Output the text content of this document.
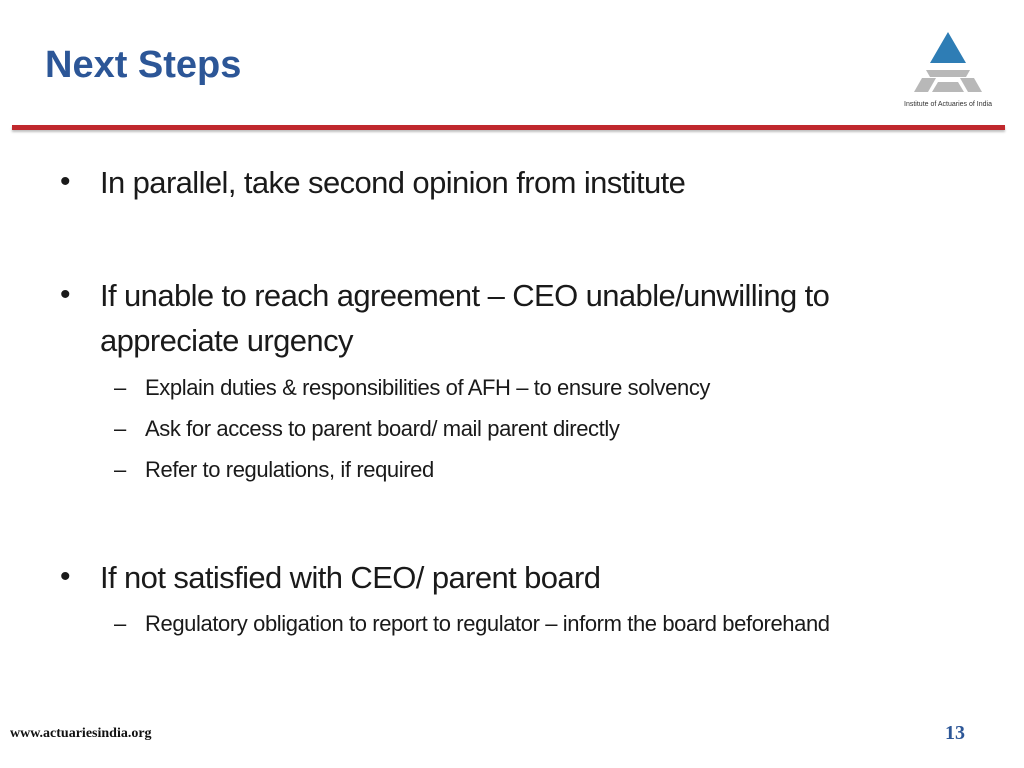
Next Steps
Institute of Actuaries of India
• In parallel, take second opinion from institute
• If unable to reach agreement – CEO unable/unwilling to appreciate urgency
– Explain duties & responsibilities of AFH – to ensure solvency
– Ask for access to parent board/ mail parent directly
– Refer to regulations, if required
• If not satisfied with CEO/ parent board
– Regulatory obligation to report to regulator – inform the board beforehand
www.actuariesindia.org	13
